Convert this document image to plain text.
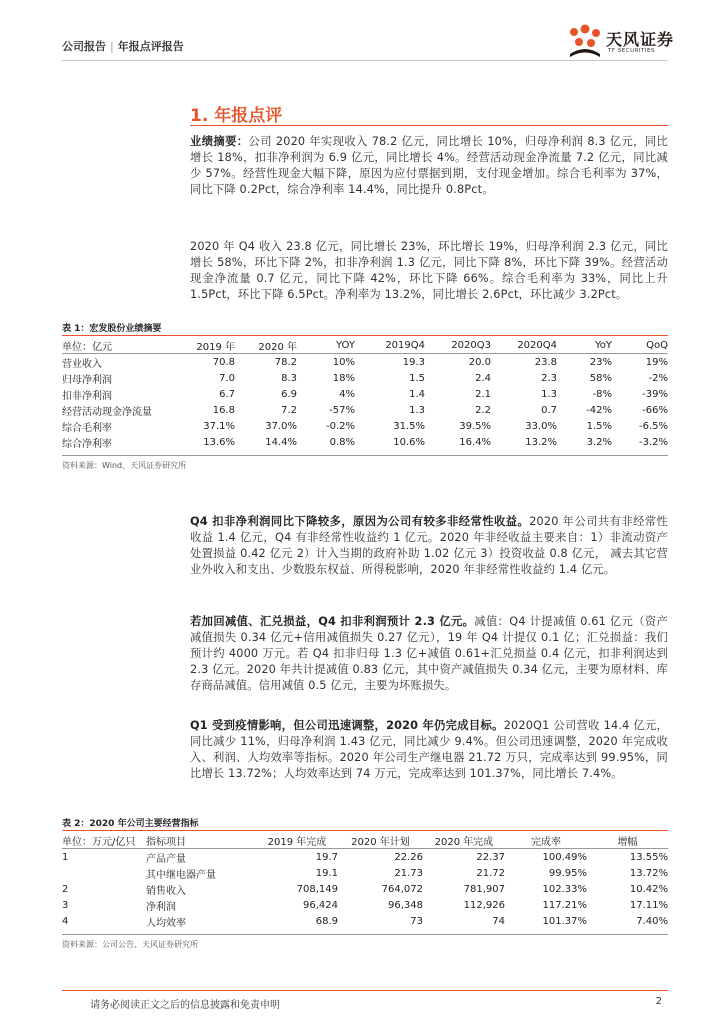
公司报告 | 年报点评报告	天风证券
TF SECURITIES
1. 年报点评
业绩摘要：公司 2020 年实现收入 78.2 亿元，同比增长 10%，归母净利润 8.3 亿元，同比增长 18%，扣非净利润为 6.9 亿元，同比增长 4%。经营活动现金净流量 7.2 亿元，同比减少 57%。经营性现金大幅下降，原因为应付票据到期，支付现金增加。综合毛利率为 37%，同比下降 0.2Pct，综合净利率 14.4%，同比提升 0.8Pct。
2020 年 Q4 收入 23.8 亿元，同比增长 23%，环比增长 19%，归母净利润 2.3 亿元，同比增长 58%，环比下降 2%，扣非净利润 1.3 亿元，同比下降 8%，环比下降 39%。经营活动现金净流量 0.7 亿元，同比下降 42%，环比下降 66%。综合毛利率为 33%，同比上升 1.5Pct，环比下降 6.5Pct。净利率为 13.2%，同比增长 2.6Pct，环比减少 3.2Pct。
表 1：宏发股份业绩摘要
单位：亿元	2019 年	2020 年	YOY	2019Q4	2020Q3	2020Q4	YoY	QoQ
营业收入	70.8	78.2	10%	19.3	20.0	23.8	23%	19%
归母净利润	7.0	8.3	18%	1.5	2.4	2.3	58%	-2%
扣非净利润	6.7	6.9	4%	1.4	2.1	1.3	-8%	-39%
经营活动现金净流量	16.8	7.2	-57%	1.3	2.2	0.7	-42%	-66%
综合毛利率	37.1%	37.0%	-0.2%	31.5%	39.5%	33.0%	1.5%	-6.5%
综合净利率	13.6%	14.4%	0.8%	10.6%	16.4%	13.2%	3.2%	-3.2%
资料来源：Wind、天风证券研究所
Q4 扣非净利润同比下降较多，原因为公司有较多非经常性收益。2020 年公司共有非经常性收益 1.4 亿元，Q4 有非经常性收益约 1 亿元。2020 年非经收益主要来自：1）非流动资产处置损益 0.42 亿元 2）计入当期的政府补助 1.02 亿元 3）投资收益 0.8 亿元， 减去其它营业外收入和支出、少数股东权益、所得税影响，2020 年非经常性收益约 1.4 亿元。
若加回减值、汇兑损益，Q4 扣非利润预计 2.3 亿元。减值：Q4 计提减值 0.61 亿元（资产减值损失 0.34 亿元+信用减值损失 0.27 亿元），19 年 Q4 计提仅 0.1 亿；汇兑损益：我们预计约 4000 万元。若 Q4 扣非归母 1.3 亿+减值 0.61+汇兑损益 0.4 亿元，扣非利润达到 2.3 亿元。2020 年共计提减值 0.83 亿元，其中资产减值损失 0.34 亿元，主要为原材料、库存商品减值。信用减值 0.5 亿元，主要为坏账损失。
Q1 受到疫情影响，但公司迅速调整，2020 年仍完成目标。2020Q1 公司营收 14.4 亿元，同比减少 11%，归母净利润 1.43 亿元，同比减少 9.4%。但公司迅速调整，2020 年完成收入、利润、人均效率等指标。2020 年公司生产继电器 21.72 万只，完成率达到 99.95%，同比增长 13.72%；人均效率达到 74 万元，完成率达到 101.37%，同比增长 7.4%。
表 2：2020 年公司主要经营指标
单位：万元/亿只	指标项目	2019 年完成	2020 年计划	2020 年完成	完成率	增幅
1	产品产量	19.7	22.26	22.37	100.49%	13.55%
	其中继电器产量	19.1	21.73	21.72	99.95%	13.72%
2	销售收入	708,149	764,072	781,907	102.33%	10.42%
3	净利润	96,424	96,348	112,926	117.21%	17.11%
4	人均效率	68.9	73	74	101.37%	7.40%
资料来源：公司公告、天风证券研究所
请务必阅读正文之后的信息披露和免责申明	2
